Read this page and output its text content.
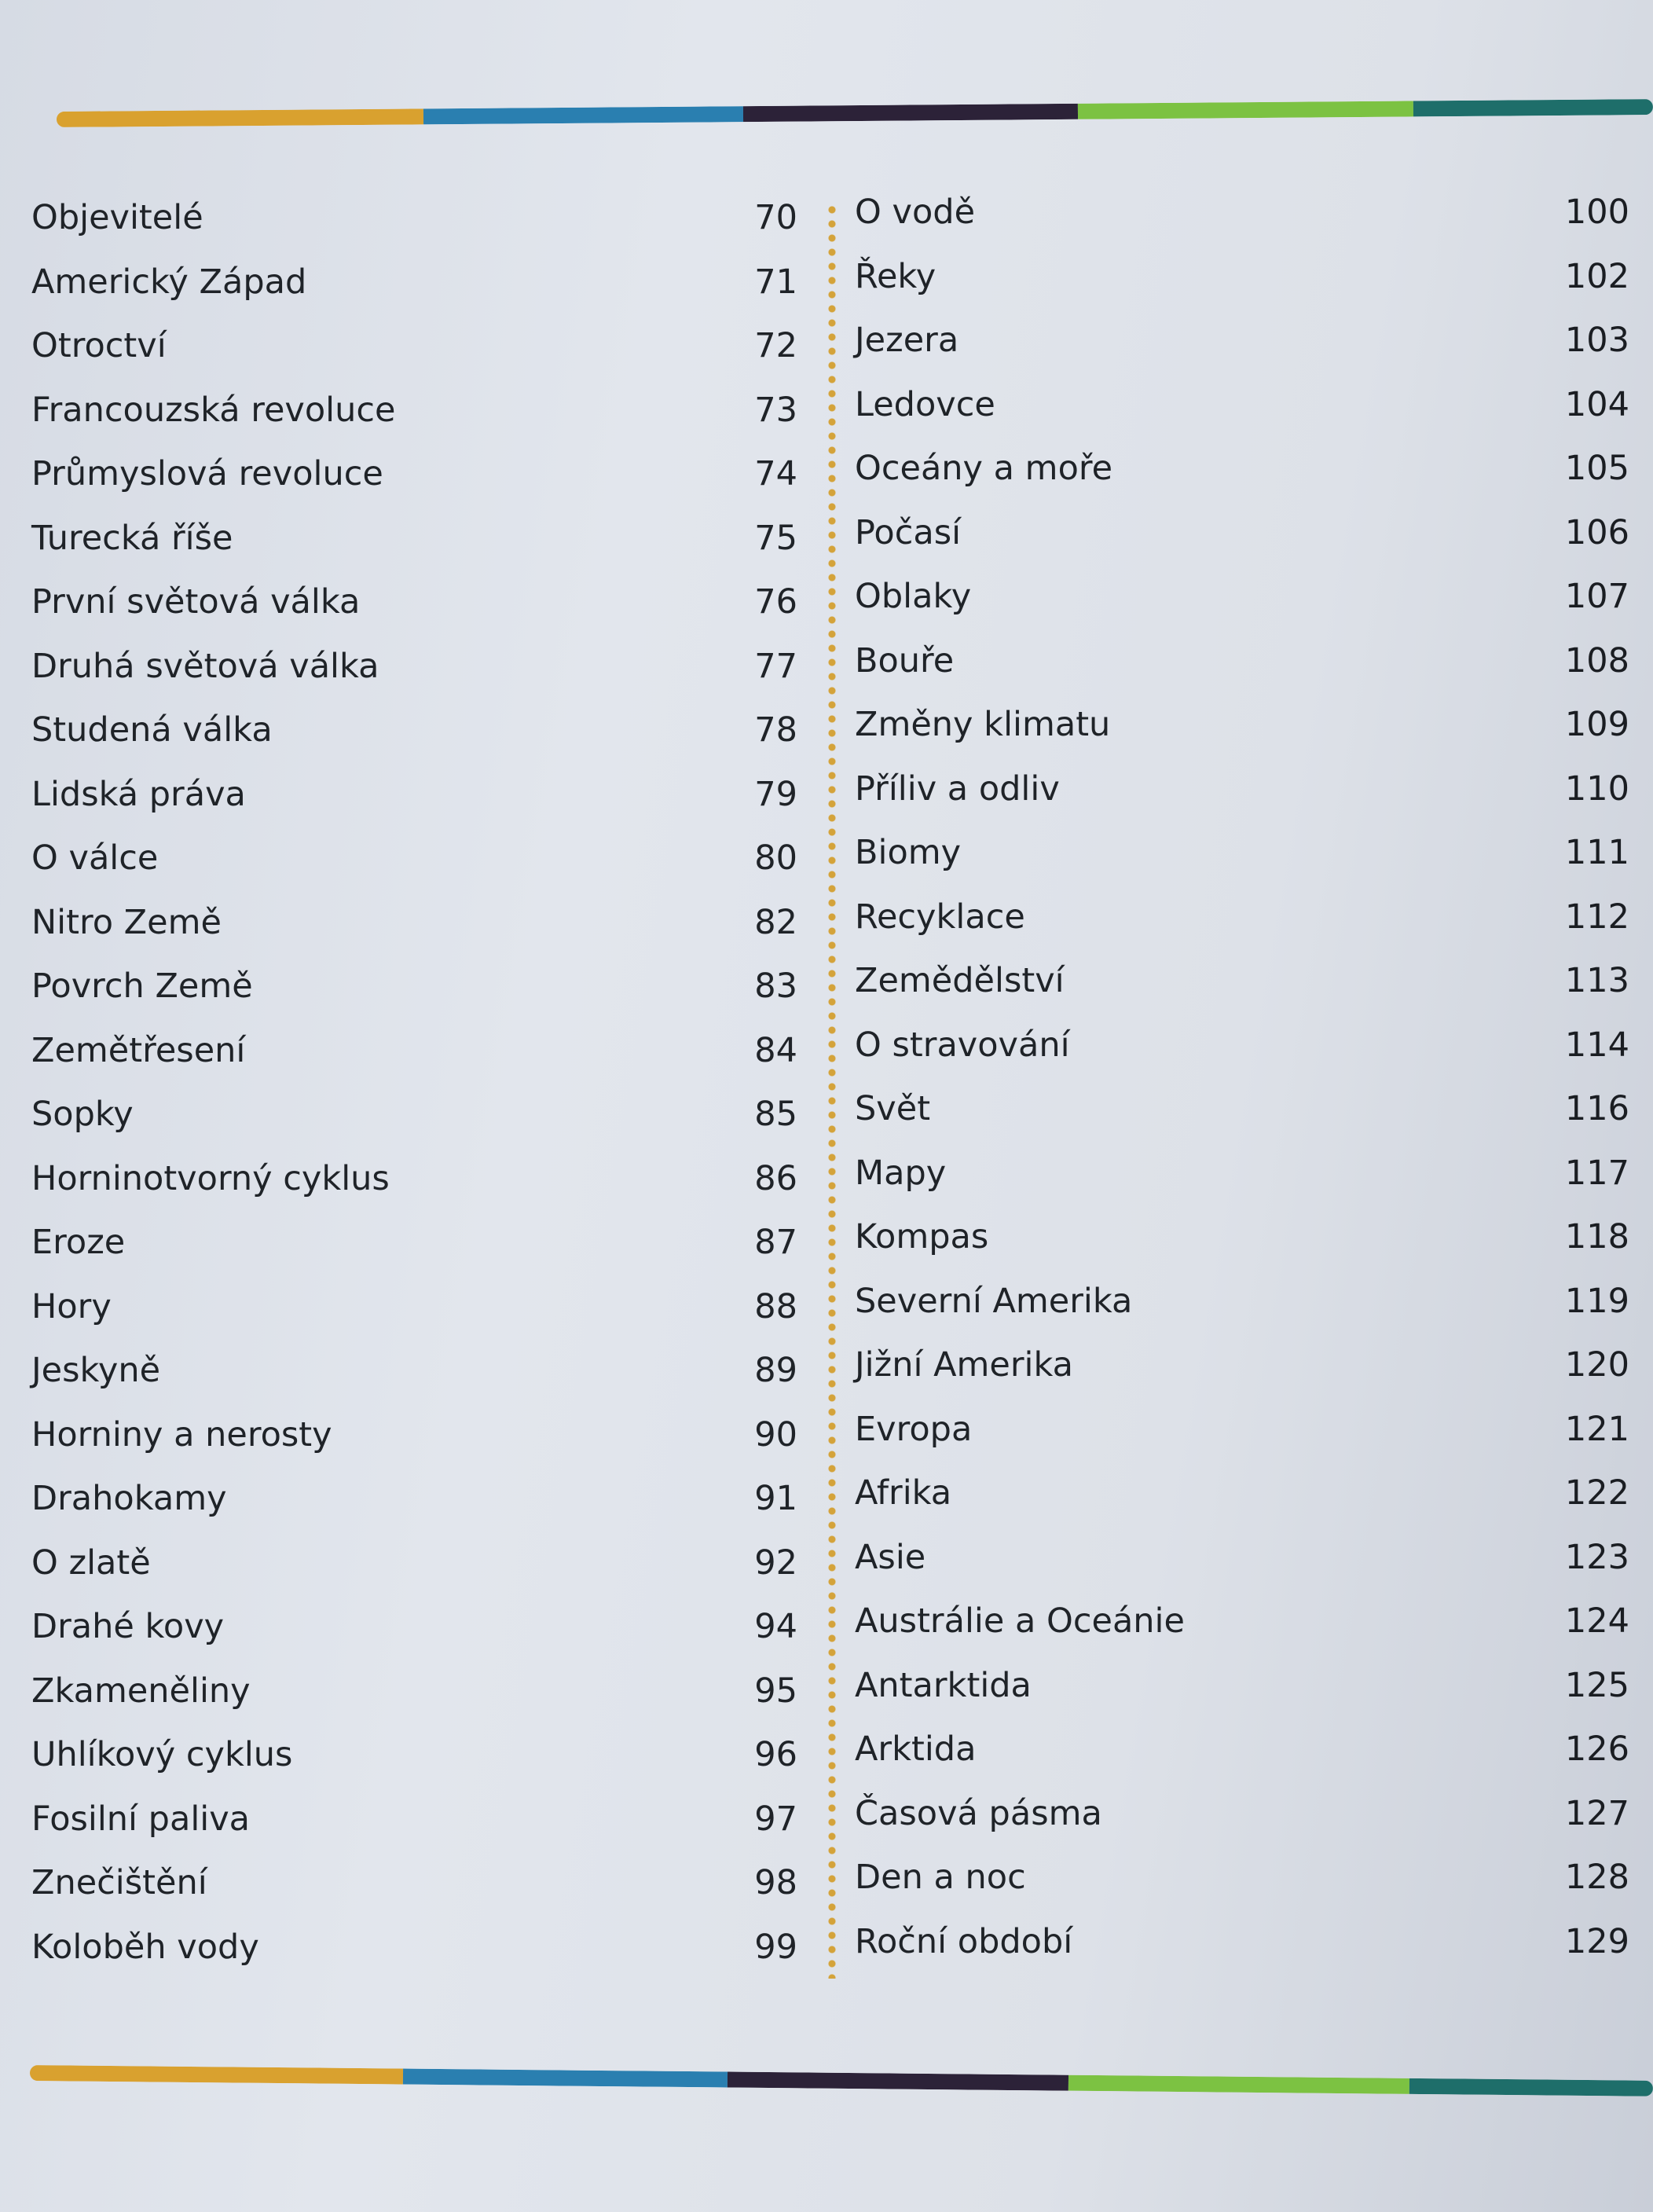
Objevitelé	70
Americký Západ	71
Otroctví	72
Francouzská revoluce	73
Průmyslová revoluce	74
Turecká říše	75
První světová válka	76
Druhá světová válka	77
Studená válka	78
Lidská práva	79
O válce	80
Nitro Země	82
Povrch Země	83
Zemětřesení	84
Sopky	85
Horninotvorný cyklus	86
Eroze	87
Hory	88
Jeskyně	89
Horniny a nerosty	90
Drahokamy	91
O zlatě	92
Drahé kovy	94
Zkameněliny	95
Uhlíkový cyklus	96
Fosilní paliva	97
Znečištění	98
Koloběh vody	99
O vodě	100
Řeky	102
Jezera	103
Ledovce	104
Oceány a moře	105
Počasí	106
Oblaky	107
Bouře	108
Změny klimatu	109
Příliv a odliv	110
Biomy	111
Recyklace	112
Zemědělství	113
O stravování	114
Svět	116
Mapy	117
Kompas	118
Severní Amerika	119
Jižní Amerika	120
Evropa	121
Afrika	122
Asie	123
Austrálie a Oceánie	124
Antarktida	125
Arktida	126
Časová pásma	127
Den a noc	128
Roční období	129
